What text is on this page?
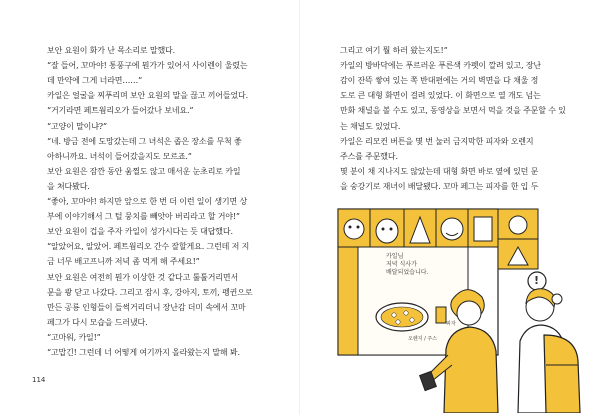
보안 요원이 화가 난 목소리로 말했다.
“잘 들어, 꼬마야! 통풍구에 뭔가가 있어서 사이렌이 울렸는
데 만약에 그게 너라면……”
카일은 얼굴을 찌푸리며 보안 요원의 말을 끊고 끼어들었다.
“거기라면 페트웜리오가 들어갔나 보네요.”
“고양이 말이냐?”
“네. 방금 전에 도망갔는데 그 녀석은 좁은 장소를 무척 좋
아하니까요. 녀석이 들어갔을지도 모르죠.”
보안 요원은 잠깐 동안 움찔도 않고 매서운 눈초리로 카일
을 쳐다봤다.
“좋아, 꼬마야! 하지만 앞으로 한 번 더 이런 일이 생기면 상
부에 이야기해서 그 털 뭉치를 빼앗아 버리라고 할 거야!”
보안 요원이 겁을 주자 카일이 성가시다는 듯 대답했다.
“알았어요, 알았어. 페트웜리오 간수 잘할게요. 그런데 저 지
금 너무 배고프니까 저녁 좀 먹게 해 주세요!”
보안 요원은 여전히 뭔가 이상한 것 같다고 툴툴거리면서
문을 쾅 닫고 나갔다. 그리고 잠시 후, 강아지, 토끼, 펭귄으로
만든 공룡 인형들이 들썩거리더니 장난감 더미 속에서 꼬마
페그가 다시 모습을 드러냈다.
“고마워, 카일!”
“고맙긴! 그런데 너 어떻게 여기까지 올라왔는지 말해 봐.
114
그리고 여기 뭘 하러 왔는지도!”
카일의 방바닥에는 푸르러운 푸른색 카펫이 깔려 있고, 장난
감이 잔뜩 쌓여 있는 쪽 반대편에는 거의 벽면을 다 채울 정
도로 큰 대형 화면이 걸려 있었다. 이 화면으로 열 개도 넘는
만화 채널을 볼 수도 있고, 동영상을 보면서 먹을 것을 주문할 수 있
는 채널도 있었다.
카일은 리모컨 버튼을 몇 번 눌러 금지막한 피자와 오렌지
주스를 주문했다.
몇 분이 채 지나지도 않았는데 대형 화면 바로 옆에 있던 문
을 숭강기로 재녀이 배달됐다. 꼬마 페그는 피자를 한 입 두
카일님
저녁 식사가
배달되었습니다.
오렌지 / 주스
피자
!
